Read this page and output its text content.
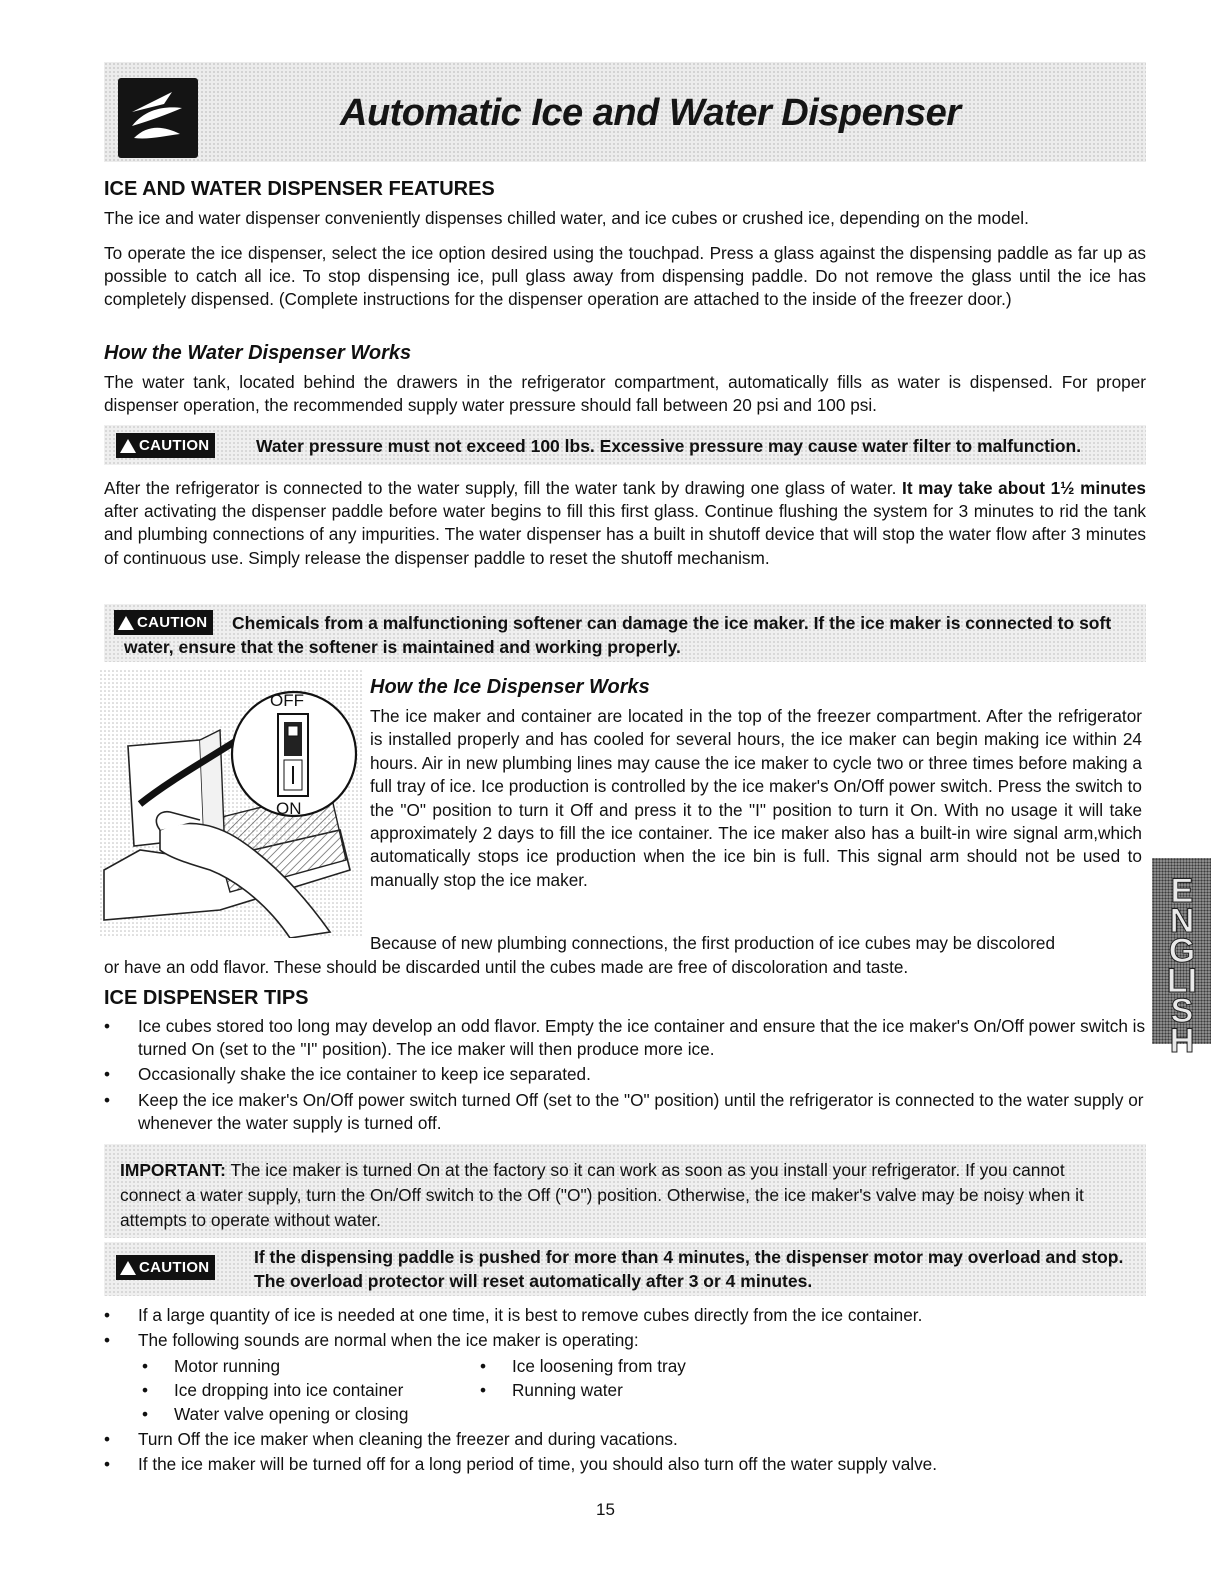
Automatic Ice and Water Dispenser
ICE AND WATER DISPENSER FEATURES

The ice and water dispenser conveniently dispenses chilled water, and ice cubes or crushed ice, depending on the model.

To operate the ice dispenser, select the ice option desired using the touchpad. Press a glass against the dispensing paddle as far up as possible to catch all ice. To stop dispensing ice, pull glass away from dispensing paddle. Do not remove the glass until the ice has completely dispensed. (Complete instructions for the dispenser operation are attached to the inside of the freezer door.)

How the Water Dispenser Works

The water tank, located behind the drawers in the refrigerator compartment, automatically fills as water is dispensed. For proper dispenser operation, the recommended supply water pressure should fall between 20 psi and 100 psi.

CAUTION	Water pressure must not exceed 100 lbs. Excessive pressure may cause water filter to malfunction.

After the refrigerator is connected to the water supply, fill the water tank by drawing one glass of water. It may take about 1½ minutes after activating the dispenser paddle before water begins to fill this first glass. Continue flushing the system for 3 minutes to rid the tank and plumbing connections of any impurities. The water dispenser has a built in shutoff device that will stop the water flow after 3 minutes of continuous use. Simply release the dispenser paddle to reset the shutoff mechanism.

CAUTION	Chemicals from a malfunctioning softener can damage the ice maker. If the ice maker is connected to soft water, ensure that the softener is maintained and working properly.
OFF
ON
How the Ice Dispenser Works

The ice maker and container are located in the top of the freezer compartment. After the refrigerator is installed properly and has cooled for several hours, the ice maker can begin making ice within 24 hours. Air in new plumbing lines may cause the ice maker to cycle two or three times before making a full tray of ice. Ice production is controlled by the ice maker's On/Off power switch. Press the switch to the "O" position to turn it Off and press it to the "I" position to turn it On. With no usage it will take approximately 2 days to fill the ice container. The ice maker also has a built-in wire signal arm,which automatically stops ice production when the ice bin is full. This signal arm should not be used to manually stop the ice maker.

Because of new plumbing connections, the first production of ice cubes may be discolored

or have an odd flavor. These should be discarded until the cubes made are free of discoloration and taste.

ENGLISH
ICE DISPENSER TIPS
• Ice cubes stored too long may develop an odd flavor. Empty the ice container and ensure that the ice maker's On/Off power switch is turned On (set to the "I" position). The ice maker will then produce more ice.
• Occasionally shake the ice container to keep ice separated.
• Keep the ice maker's On/Off power switch turned Off (set to the "O" position) until the refrigerator is connected to the water supply or whenever the water supply is turned off.

IMPORTANT: The ice maker is turned On at the factory so it can work as soon as you install your refrigerator. If you cannot connect a water supply, turn the On/Off switch to the Off ("O") position. Otherwise, the ice maker's valve may be noisy when it attempts to operate without water.

CAUTION
If the dispensing paddle is pushed for more than 4 minutes, the dispenser motor may overload and stop. The overload protector will reset automatically after 3 or 4 minutes.
• If a large quantity of ice is needed at one time, it is best to remove cubes directly from the ice container.
• The following sounds are normal when the ice maker is operating:
• Motor running
• Ice dropping into ice container
• Water valve opening or closing
• Ice loosening from tray
• Running water
• Turn Off the ice maker when cleaning the freezer and during vacations.
• If the ice maker will be turned off for a long period of time, you should also turn off the water supply valve.
15
